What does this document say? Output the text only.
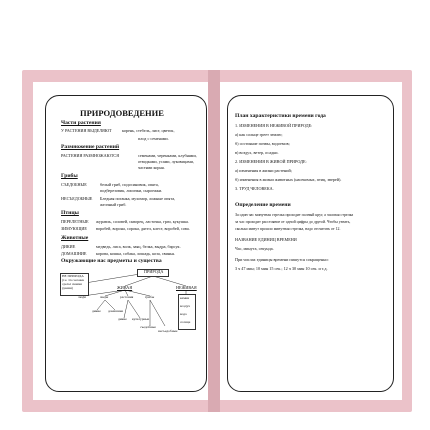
ПРИРОДОВЕДЕНИЕ
Части растения
У РАСТЕНИЯ ВЫДЕЛЯЮТ корень, стебель, лист, цветок,
плод с семенами.
Размножение растений
РАСТЕНИЯ РАЗМНОЖАЮТСЯ	семенами, черенками, клубнями,
отводками, усами, луковицами,
частями корня.
Грибы
СЪЕДОБНЫЕ	белый гриб, подосиновик, опята,
подберезовик, лисички, сыроежки.
НЕСЪЕДОБНЫЕ Бледная поганка, мухомор, ложные опята,
желчный гриб.
Птицы
ПЕРЕЛЕТНЫЕ журавль, соловей, скворец, ласточка, грач, кукушка.
ЗИМУЮЩИЕ воробей, ворона, сорока, дятел, клест, воробей, сова.
Животные
ДИКИЕ	медведь, лиса, волк, заяц, белка, выдра, барсук.
ДОМАШНИЕ корова, кошка, собака, лошадь, коза, свинья.
Окружающие нас предметы и существа
ПРИРОДА
НЕ ПРИРОДА
(т.е. что человек
сделал своими
руками)	ЖИВАЯ	НЕЖИВАЯ
люди	звери	растения	грибы
дикие домашние
дикие культурные
съедобные
несъедобные
камни
воздух
вода
солнце
План характеристики времени года
1. ИЗМЕНЕНИЯ В НЕЖИВОЙ ПРИРОДЕ:
а) как солнце греет землю;
б) состояние почвы, водоемов;
в) воздух, ветер, осадки.
2. ИЗМЕНЕНИЯ В ЖИВОЙ ПРИРОДЕ:
а) изменения в жизни растений;
б) изменения в жизни животных (насекомых, птиц, зверей).
3. ТРУД ЧЕЛОВЕКА.
Определение времени
За один час минутная стрелка проходит полный круг, а часовая стрелка
за час проходит расстояние от одной цифры до другой. Чтобы узнать,
сколько минут прошло минутная стрелка, надо отсчитать от 12.
НАЗВАНИЕ ЕДИНИЦ ВРЕМЕНИ
Час, минута, секунда.
При числах единицы времени пишутся сокращенно:
3 ч 47 мин; 10 мин 15 сек.; 12 ч 30 мин 10 сек. и т.д.
